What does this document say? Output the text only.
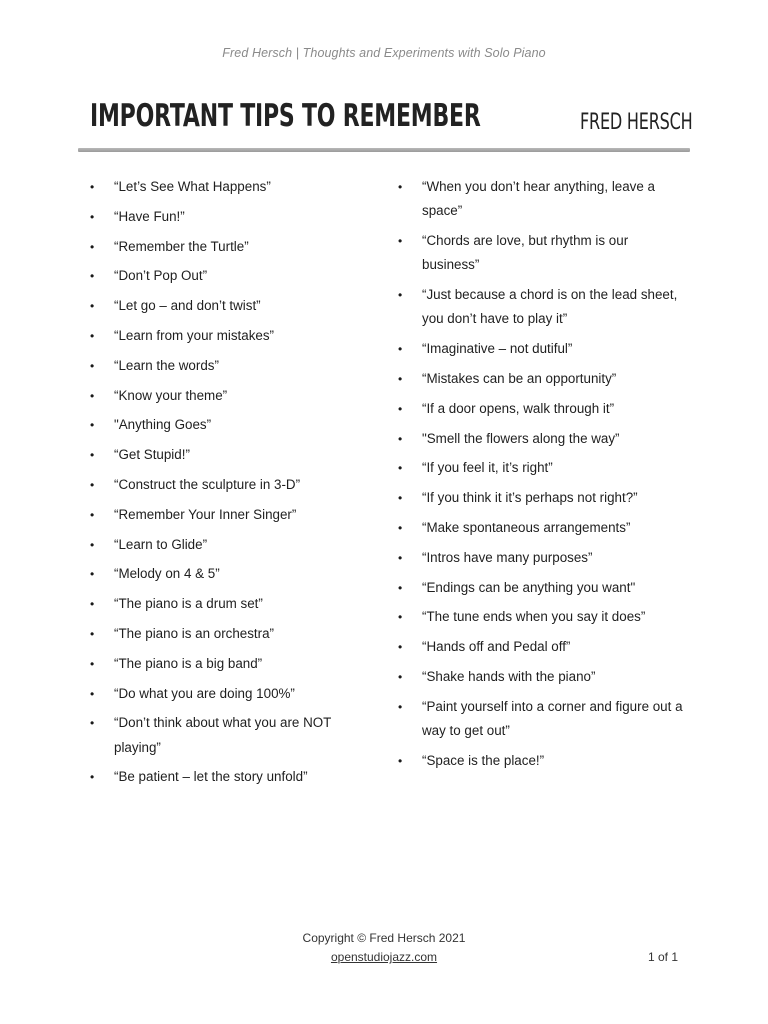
Fred Hersch | Thoughts and Experiments with Solo Piano
IMPORTANT TIPS TO REMEMBER	FRED HERSCH
• “Let’s See What Happens”
• “Have Fun!”
• “Remember the Turtle”
• “Don’t Pop Out”
• “Let go – and don’t twist”
• “Learn from your mistakes”
• “Learn the words”
• “Know your theme”
• "Anything Goes”
• “Get Stupid!”
• “Construct the sculpture in 3-D”
• “Remember Your Inner Singer”
• “Learn to Glide”
• “Melody on 4 & 5”
• “The piano is a drum set”
• “The piano is an orchestra”
• “The piano is a big band”
• “Do what you are doing 100%”
• “Don’t think about what you are NOT playing”
• “Be patient – let the story unfold”
• “When you don’t hear anything, leave a space”
• “Chords are love, but rhythm is our business”
• “Just because a chord is on the lead sheet, you don’t have to play it”
• “Imaginative – not dutiful”
• “Mistakes can be an opportunity”
• “If a door opens, walk through it”
• "Smell the flowers along the way”
• “If you feel it, it’s right”
• “If you think it it’s perhaps not right?”
• “Make spontaneous arrangements”
• “Intros have many purposes”
• “Endings can be anything you want"
• “The tune ends when you say it does”
• “Hands off and Pedal off”
• “Shake hands with the piano”
• “Paint yourself into a corner and figure out a way to get out”
• “Space is the place!”
Copyright © Fred Hersch 2021
openstudiojazz.com	1 of 1
